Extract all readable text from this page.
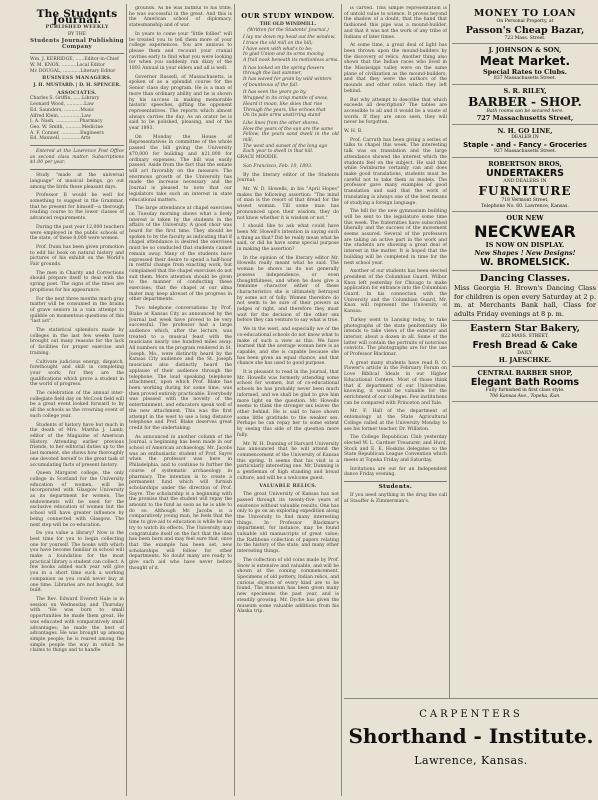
The Students Journal.
PUBLISHED WEEKLY
BY THE
Students Journal Publishing Company
Wm. J. KERRIDGE, ......Editor-in-Chief
W. M. KNOX, ..........Local Editor
Mc DOUGAL, ............Literary Editor
BUSINESS MANAGERS.
J. H. MUSTARD. | D. H. SPENCER.
ASSOCIATES.
Charles S. Griffin, ......Library
Leonard Wood, ............Law
Ed. Saunders, ...........Music
Alfred Klein, ..............Law
I. A. Nash, ................Pharmacy
Geo. W. Smith, ...........Medicine
A. F. Conner, .............Engineers
Ed. Maxwell, .............Arts

Entered at the Lawrence Post Office as second class matter. Subscriptions $1.00 per year.

Study "made at the universal language" of musical beings, go out among the birds these pleasant days.

Professor B would be well for something to suggest in the Grammar, that he present for himself—a thorough reading course to the lower classes of advanced requirements.

During the past year 12,000 teachers were employed in the public schools of the state, of these 8,000 were women.

Prof. Dunn has been given promotion to edit his book on natural history and pictures of his exhibit on the World's Fair grounds.

The men in Charity and Corrections should prepare itself to deal with the spring poet. The signs of the times are propitious for his appearance.

For the next three months much gray matter will be consumed in the brains of grave seniors in a vain attempt to quibble on momentous questions of this "last act".

The statistical splendors made by colleges in the last few weeks have brought out many reasons for the lack of facilities for proper exercise and training.

Cultivate judicious energy, dispatch, forethought and skill in completing your work; for they are the qualifications which prove a student in the world of progress.

The celebration of the annual inter-collegiate field day on McCook field will be a great event looked forward to by all the schools as the crowning event of each college year.

Students of history have but much in the death of Mrs. Martha J. Lamb, editor of the Magazine of American History. Attending earlier previous friends, to her editorial duties up to the last moment, she shows how thoroughly one devoted herself to the great task of accumulating facts of present history.

Queen Margaret college, the only college in Scotland for the University education of women, will be incorporated with Glasgow University as its department for women. The endowments will be used for the exclusive education of women but the school will have greater influence by being connected with Glasgow. The next step will be co-education.

Do you value a library? Now is the best time for you to begin collecting one for yourself. The books with which you have become familiar in school will make a foundation for the most practical library a student can collect. A few books added each year will give you in a short time such a working companion as you could never buy at one time. Libraries are not bought, but built.

The Rev. Edward Everett Hale is in session on Wednesday and Thursday with "He was born to small opportunities he made them great. He was educated with comparatively small advantages; he made the best of advantages. He was brought up among simple people; he is reared among the simple people the way in which he claims to things and to handle

grounds. As he was faithful to his trifle, he was successful in the great. And this is the American school of diplomacy, statesmanship and of war.

In years to come your "little follies" will be treated you to tell them more of your college experiences. You are anxious to please them and recount your cranial cavities early to find what you were looking for when you suddenly run dizzy of the 1893 Annual in your elders and all is well.

Governor Russell, of Massachusetts, is spoken of as a splendid course for the Senior class day program. He is a man of more than ordinary ability and he is shown by his success in making memorable historic speeches, gifting the opponent representatives. The reports which almost always carries the day. As an orator he is said to be polished, pleasing, and of the year 1893.

On Monday the House of Representatives in committee of the whole passed the bill giving the University $70,000 for building and $21,000 for ordinary expenses. The bill was easily passed. Aside from the fact that the senate will act favorably on the measure. The enormous growth of the University has made the increase necessary and the Journal is pleased to note that our legislators take such an interest in state educational matters.

The large attendance at chapel exercises on Tuesday morning shows what a lively interest is taken by the students in the affairs of the University. A good choir was heard for the first time. They should be spoken to by the faculty as indicating that if chapel attendance is desired the exercises must be so conducted that students cannot remain away. Many of the students have expressed their desire to spend a half-hour in restful change from exacting work, but complained that the chapel exercises do not suit them. More attention should be given to the manner of conducting these exercises, that the chapel at our alma mater may keep abreast of the progress in other departments.

Two telephone conversations by Prof. Blake at Kansas City as announced by the Journal last week have proved to be very successful. The professor had a large audience which, after the lecture, was treated to a musical feast with the musicians nearly one hundred miles away. All numbers on the program rendered in St. Joseph, Mo., were distinctly heard by the Kansas City audience and the St. Joseph musicians also distinctly heard the applause of their audience through the telephone. The loud speaking telephone attachment, upon which Prof. Blake has been working during for some time, was then proved entirely practicable. Everybody was pleased with the novelty of the entertainment, and educators speak well of the new attachment. This was the first attempt in the west to use a long distance telephone and Prof. Blake deserves great credit for the undertaking.

As announced in another column of the Journal, a beginning has been made in our school of American archaeology. Mr. Jacobs was an enthusiastic student of Prof. Sayre when the professor was here in Philadelphia, and to continue to further the course of systematic archaeology in pharmacy. The intention is to create a permanent fund which will furnish scholarships under the direction of Prof. Sayre. The scholarship is a beginning with the promise that the student will repay the amount to the fund as soon as he is able to do so. Although Mr. Jacobs is a comparatively young man, he feels that the time to give aid to education is while he can try to watch its effects. The University may congratulate itself on the fact that the idea has been born and may feel sure that, once that the example has been set, new scholarships will follow for other departments. No doubt many are ready to give such aid who have never before thought of it.

OUR STUDY WINDOW.
THE OLD WINDMILL.
(Written for the Students' Journal.)

I lay me down my head out the window,

I trace the old mill on the hill;

I have seen with what's to be;

In glad Union and its arms moving

A frail nook beneath its motionless arms.

It has looked on the spring flowers

through the last summer,

It has waved for grain by wild winters

of bounteous of the fall.

It has seen the years go by,

Wrapped in its crisp mantle of snow,

Heard it moan, like skies that rise

Through the years, like echoes that

On its pale arms unstirring stand

Like lines from the other shores.

How the years of the sun are the same

Fellow, the years sand dwell in the old mill,

The west and sunset of the long ago

Each year to dwell in that hill.

GRACE MOODIE.

San Francisco, Feb. 10, 1893.

By the literary editor of the Students Journal:

Mr. W. D. Howells, in his "April Hopes" makes the following assertion: "The mind of man is the resort of that dread for the wisest woman. Till some man has pronounced upon their wisdom, they do not know whether it is wisdom or not."

I should like to ask what could have been Mr. Howell's intention in saying such a thing as that? Did he really mean what he said, or did he have some special purpose in making the assertion?

In the opinion of the literary editor Mr. Howells really meant what he said. The woman he shows us do not generally possess independence, or even thoughtfulness, and when he does give a feminine character either of these characteristics she is ultimately betrayed by some act of folly. Women therefore do not seem to be sure of their powers as judges of right, and therefore they must wait for the decision of the other sex before they can venture to say what is true.

We in the west, and especially we of the co-educational schools do not know what to make of such a view as this. We have learned that the average woman here is as capable, and she is capable because she has been given an equal chance, and that chance she has used to good purpose.

It is pleasant to read in the Journal, that Mr. Howells was formerly attending some school for women, but of co-educational schools he has probably never been much informed, and we shall be glad to give him more light on the question. Mr. Howells seems to think the stronger sex leaves the other behind. He is said to have shown some little gratitude to the weaker sex. Perhaps he can repay her to some extent by seeing this side of the question more fully.

Mr. W. H. Dunning of Harvard University has announced that he will attend the commencement of the University of Kansas this spring. It seems that his visit is a particularly interesting one. Mr. Dunning is a gentleman of high standing and broad culture, and will be a welcome guest.

VALUABLE RELICS.

The great University of Kansas has not passed through its twenty-five years of existence without valuable results. One has only to go on an exploring expedition along the University to find many interesting things. In Professor Blackmar's department, for instance, may be found valuable old manuscripts of great value; the Rathbone collection of papers relating to the history of the state, and many other interesting things.

The collection of old coins made by Prof. Snow is extensive and valuable, and will be shown at the coming commencement. Specimens of old pottery, Indian relics, and curious objects of every kind are to be found. The museum has been given many new specimens the past year, and is steadily growing. Mr. Dyche has given the museum some valuable additions from his Alaska trip.

is carved. This simple representation is of untold value to science. It proves beyond the shadow of a doubt, that the hand that fashioned this pipe was a mound-builder, and that it was not the work of any tribe of Indians of later times.

At some time, a great deal of light has been thrown upon the mound-builders by the discovery of relics. Another thing also shows that the Indian races who lived in the Mississippi valley were on the same plane of civilization as the mound-builders, and that they were the authors of the mounds and other relics which they left behind.

But why attempt to describe that which exceeds all description? The tables are accessible to all and it would be a waste of words. If they are once seen, they will never be forgotten.

W. H. B.

Prof. Carruth has been giving a series of talks to chapel this week. The interesting talk was on translation and the large attendance showed the interest which the students feel on the subject. He said that while Swinburne certainly can and does make good translations, students must be careful not to take them as models. The professor gave many examples of good translation and said that the work of translating is always one of the best means of studying a foreign language.

The bill for the new gymnasium building will be sent to the legislature some time this week. The fraternities have subscribed liberally and the success of the movement seems assured. Several of the professors are taking an active part in the work and the students are showing a great deal of interest in the matter. It is hoped that the building will be completed in time for the next school year.

Another of our students has been elected president of the Columbian Guard. Wilbur Knox left yesterday for Chicago to make application for entrance into the Columbian Guard. In his connection with the University and the Columbian Guard, Mr. Knox will represent the University of Kansas.

Turkey went to Lansing today, to take photographs of the state penitentiary. He intends to take views of the exterior and interior, about a dozen in all. Some of the latter will contain the portraits of notorious convicts. The photographs are for the use of Professor Blackmar.

A great many students have read B. O. Flower's article in the February Forum on Love Biblical Ideals in our Higher Educational Centers. Most of those think that if, department of our Universities, knowing, it would be valuable for the enrichment of our colleges. Few institutions can be compared with Princeton and Yale.

Mr. F. Hall of the department of entomology at the State Agricultural College called at the University Monday to see his former teacher, Dr. Williston.

The College Republican Club yesterday elected W. L. Gardner Treasurer, and Hurd, Stock and E. E. Hoskins delegates to the State Republican League Convention which meets at Topeka Friday and Saturday.

Invitations are out for an Independent dance Friday evening.

Students.

If you need anything in the drug line call at Stauffer & Zimmerman's.

MONEY TO LOAN
On Personal Property, at
Passon's Cheap Bazar,
723 Mass. Street.
J. JOHNSON & SON,
Meat Market.
Special Rates to Clubs.
837 Massachusetts Street.
S. R. RILEY,
BARBER - SHOP.
Bath rooms can be secured here.
727 Massachusetts Street,
N. H. GO LINE,
DEALER IN
Staple - and - Fancy - Groceries
927 Massachusetts Street.
ROBERTSON BROS,
UNDERTAKERS
AND DEALERS IN
FURNITURE
718 Vermont Street,
Telephone No. 60. Lawrence, Kansas.
OUR NEW
NECKWEAR
IS NOW ON DISPLAY.
New Shapes ! New Designs!
W. BROMELSICK.
Dancing Classes.
Miss Georgia H. Brown's Dancing Class for children is open every Saturday at 2 p. m. at Merchants Bank hall, Class for adults Friday evenings at 8 p. m.
Eastern Star Bakery,
822 MASS. STREET,
Fresh Bread & Cake
DAILY.
H. JAESCHKE.
CENTRAL BARBER SHOP,
Elegant Bath Rooms
Fully furnished in first class style.
706 Kansas Ave., Topeka, Kan.
CARPENTERS
Shorthand - Institute.
Lawrence, Kansas.
